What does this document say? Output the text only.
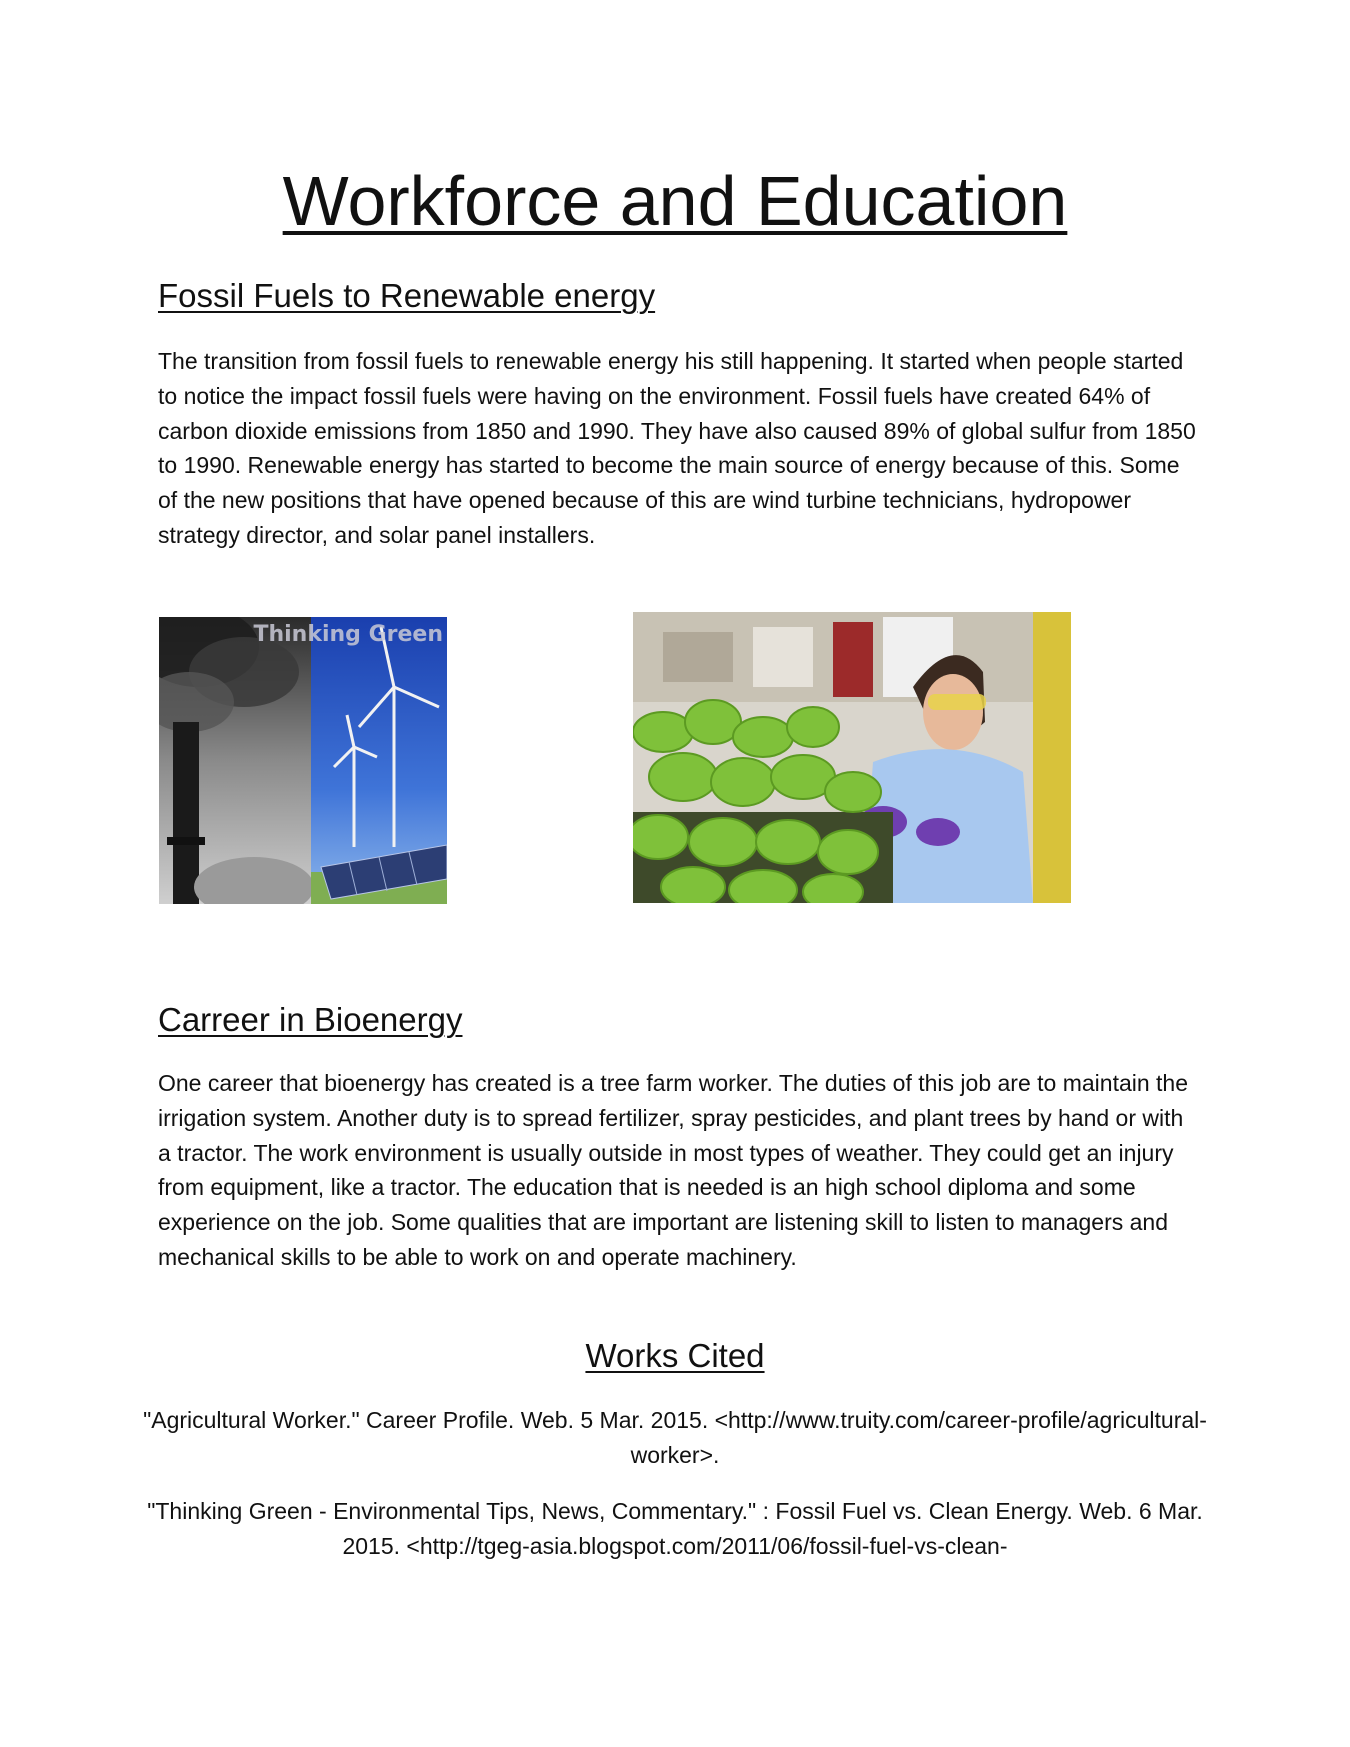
Workforce and Education
Fossil Fuels to Renewable energy

The transition from fossil fuels to renewable energy his still happening. It started when people started to notice the impact fossil fuels were having on the environment. Fossil fuels have created 64% of carbon dioxide emissions from 1850 and 1990. They have also caused 89% of global sulfur from 1850 to 1990. Renewable energy has started to become the main source of energy because of this. Some of the new positions that have opened because of this are wind turbine technicians, hydropower strategy director, and solar panel installers.

Thinking Green
Carreer in Bioenergy

One career that bioenergy has created is a tree farm worker. The duties of this job are to maintain the irrigation system. Another duty is to spread fertilizer, spray pesticides, and plant trees by hand or with a tractor. The work environment is usually outside in most types of weather. They could get an injury from equipment, like a tractor. The education that is needed is an high school diploma and some experience on the job. Some qualities that are important are listening skill to listen to managers and mechanical skills to be able to work on and operate machinery.

Works Cited

"Agricultural Worker." Career Profile. Web. 5 Mar. 2015. <http://www.truity.com/career-profile/agricultural-worker>.

"Thinking Green - Environmental Tips, News, Commentary." : Fossil Fuel vs. Clean Energy. Web. 6 Mar. 2015. <http://tgeg-asia.blogspot.com/2011/06/fossil-fuel-vs-clean-
